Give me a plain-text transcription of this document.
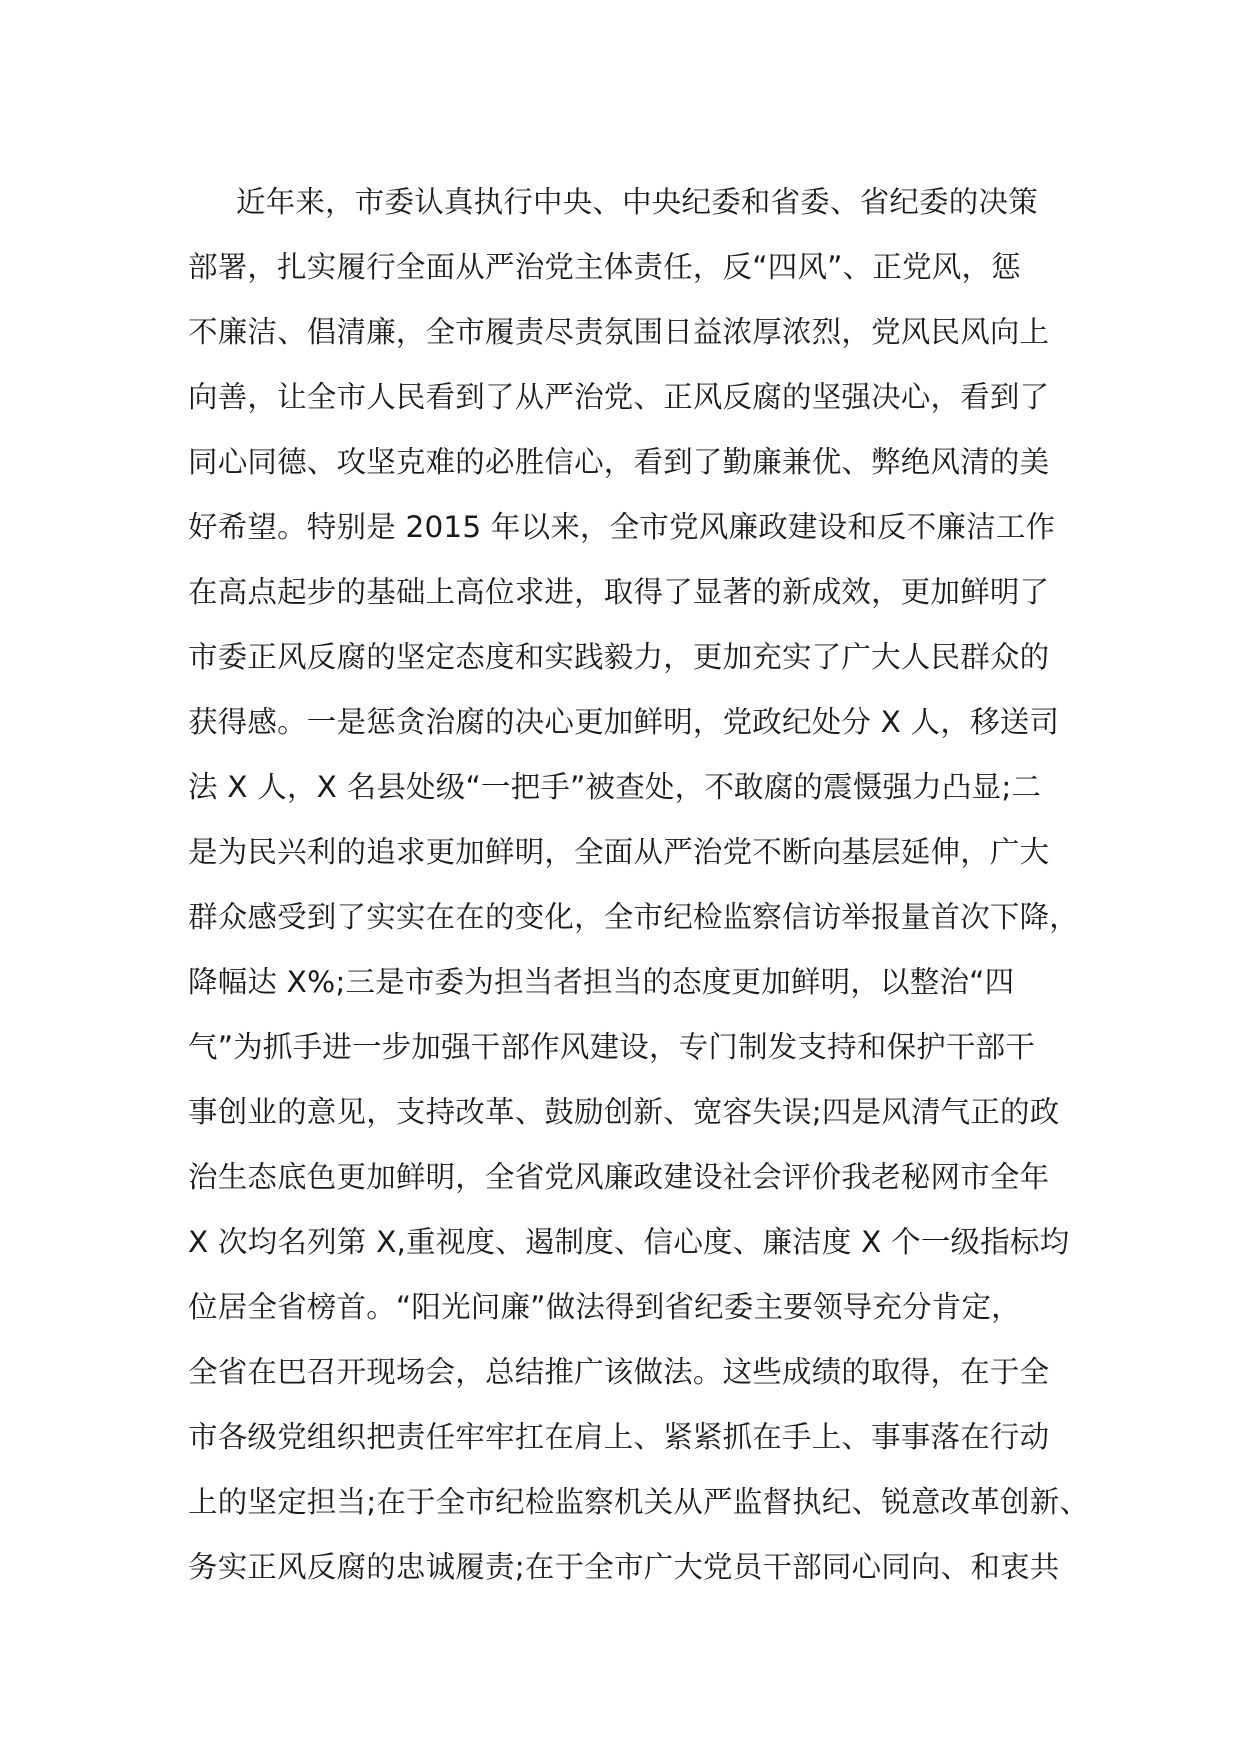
近年来，市委认真执行中央、中央纪委和省委、省纪委的决策
部署，扎实履行全面从严治党主体责任，反“四风”、正党风，惩
不廉洁、倡清廉，全市履责尽责氛围日益浓厚浓烈，党风民风向上
向善，让全市人民看到了从严治党、正风反腐的坚强决心，看到了
同心同德、攻坚克难的必胜信心，看到了勤廉兼优、弊绝风清的美
好希望。特别是 2015 年以来，全市党风廉政建设和反不廉洁工作
在高点起步的基础上高位求进，取得了显著的新成效，更加鲜明了
市委正风反腐的坚定态度和实践毅力，更加充实了广大人民群众的
获得感。一是惩贪治腐的决心更加鲜明，党政纪处分 X 人，移送司
法 X 人，X 名县处级“一把手”被查处，不敢腐的震慑强力凸显;二
是为民兴利的追求更加鲜明，全面从严治党不断向基层延伸，广大
群众感受到了实实在在的变化，全市纪检监察信访举报量首次下降，
降幅达 X%;三是市委为担当者担当的态度更加鲜明，以整治“四
气”为抓手进一步加强干部作风建设，专门制发支持和保护干部干
事创业的意见，支持改革、鼓励创新、宽容失误;四是风清气正的政
治生态底色更加鲜明，全省党风廉政建设社会评价我老秘网市全年
X 次均名列第 X,重视度、遏制度、信心度、廉洁度 X 个一级指标均
位居全省榜首。“阳光问廉”做法得到省纪委主要领导充分肯定，
全省在巴召开现场会，总结推广该做法。这些成绩的取得，在于全
市各级党组织把责任牢牢扛在肩上、紧紧抓在手上、事事落在行动
上的坚定担当;在于全市纪检监察机关从严监督执纪、锐意改革创新、
务实正风反腐的忠诚履责;在于全市广大党员干部同心同向、和衷共
